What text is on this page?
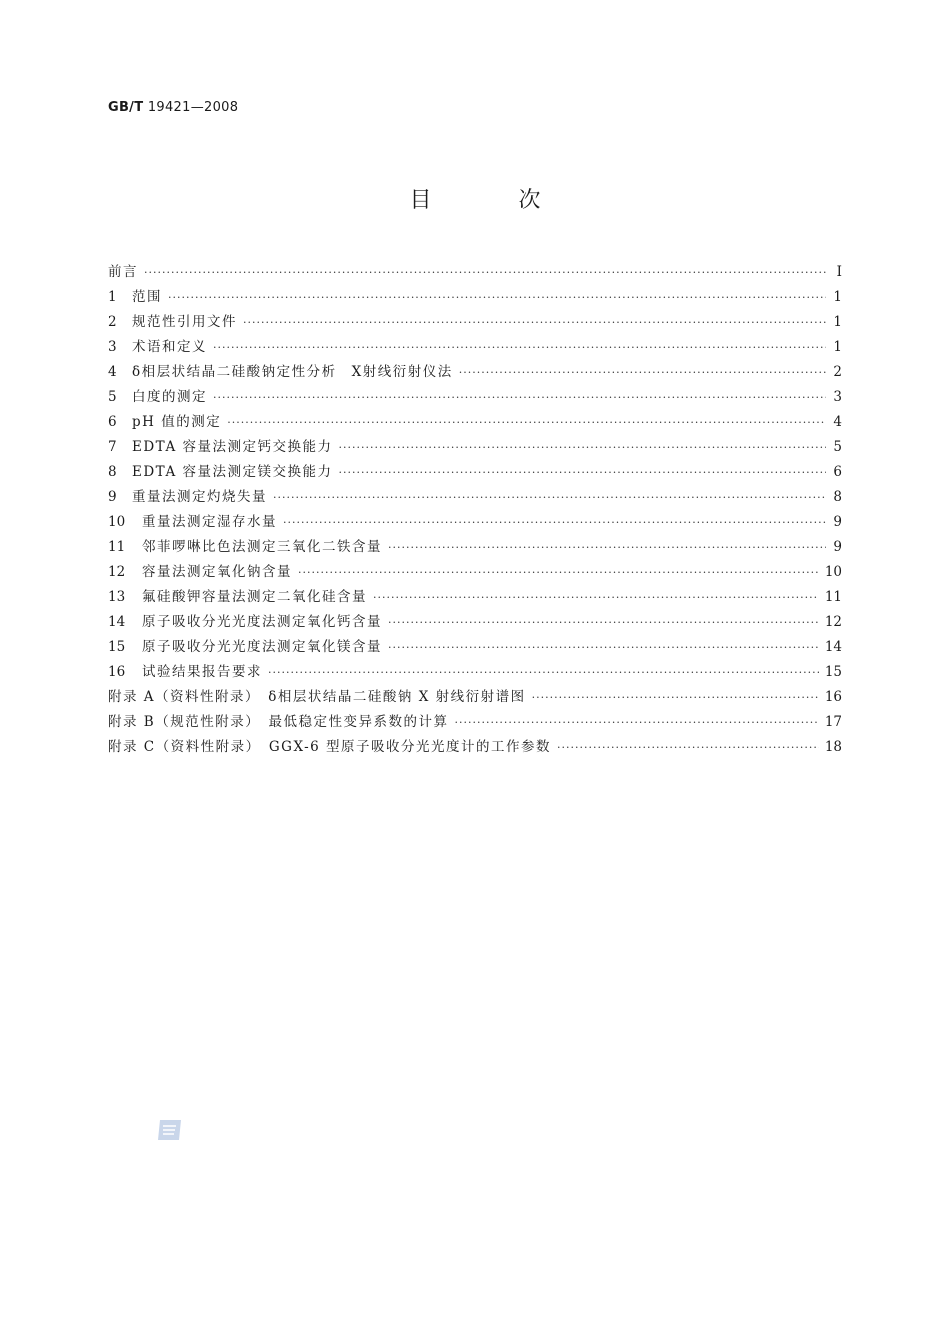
GB/T 19421—2008
目 次
前言 ·····	Ⅰ
1	范围 ·····	1
2	规范性引用文件 ·····	1
3	术语和定义 ·····	1
4	δ相层状结晶二硅酸钠定性分析　X射线衍射仪法 ·····	2
5	白度的测定 ·····	3
6	pH 值的测定 ·····	4
7	EDTA 容量法测定钙交换能力 ·····	5
8	EDTA 容量法测定镁交换能力 ·····	6
9	重量法测定灼烧失量 ·····	8
10	重量法测定湿存水量 ·····	9
11	邻菲啰啉比色法测定三氧化二铁含量 ·····	9
12	容量法测定氧化钠含量 ·····	10
13	氟硅酸钾容量法测定二氧化硅含量 ·····	11
14	原子吸收分光光度法测定氧化钙含量 ·····	12
15	原子吸收分光光度法测定氧化镁含量 ·····	14
16	试验结果报告要求 ·····	15
附录 A（资料性附录）　δ相层状结晶二硅酸钠 X 射线衍射谱图 ·····	16
附录 B（规范性附录）　最低稳定性变异系数的计算 ·····	17
附录 C（资料性附录）　GGX-6 型原子吸收分光光度计的工作参数 ·····	18
